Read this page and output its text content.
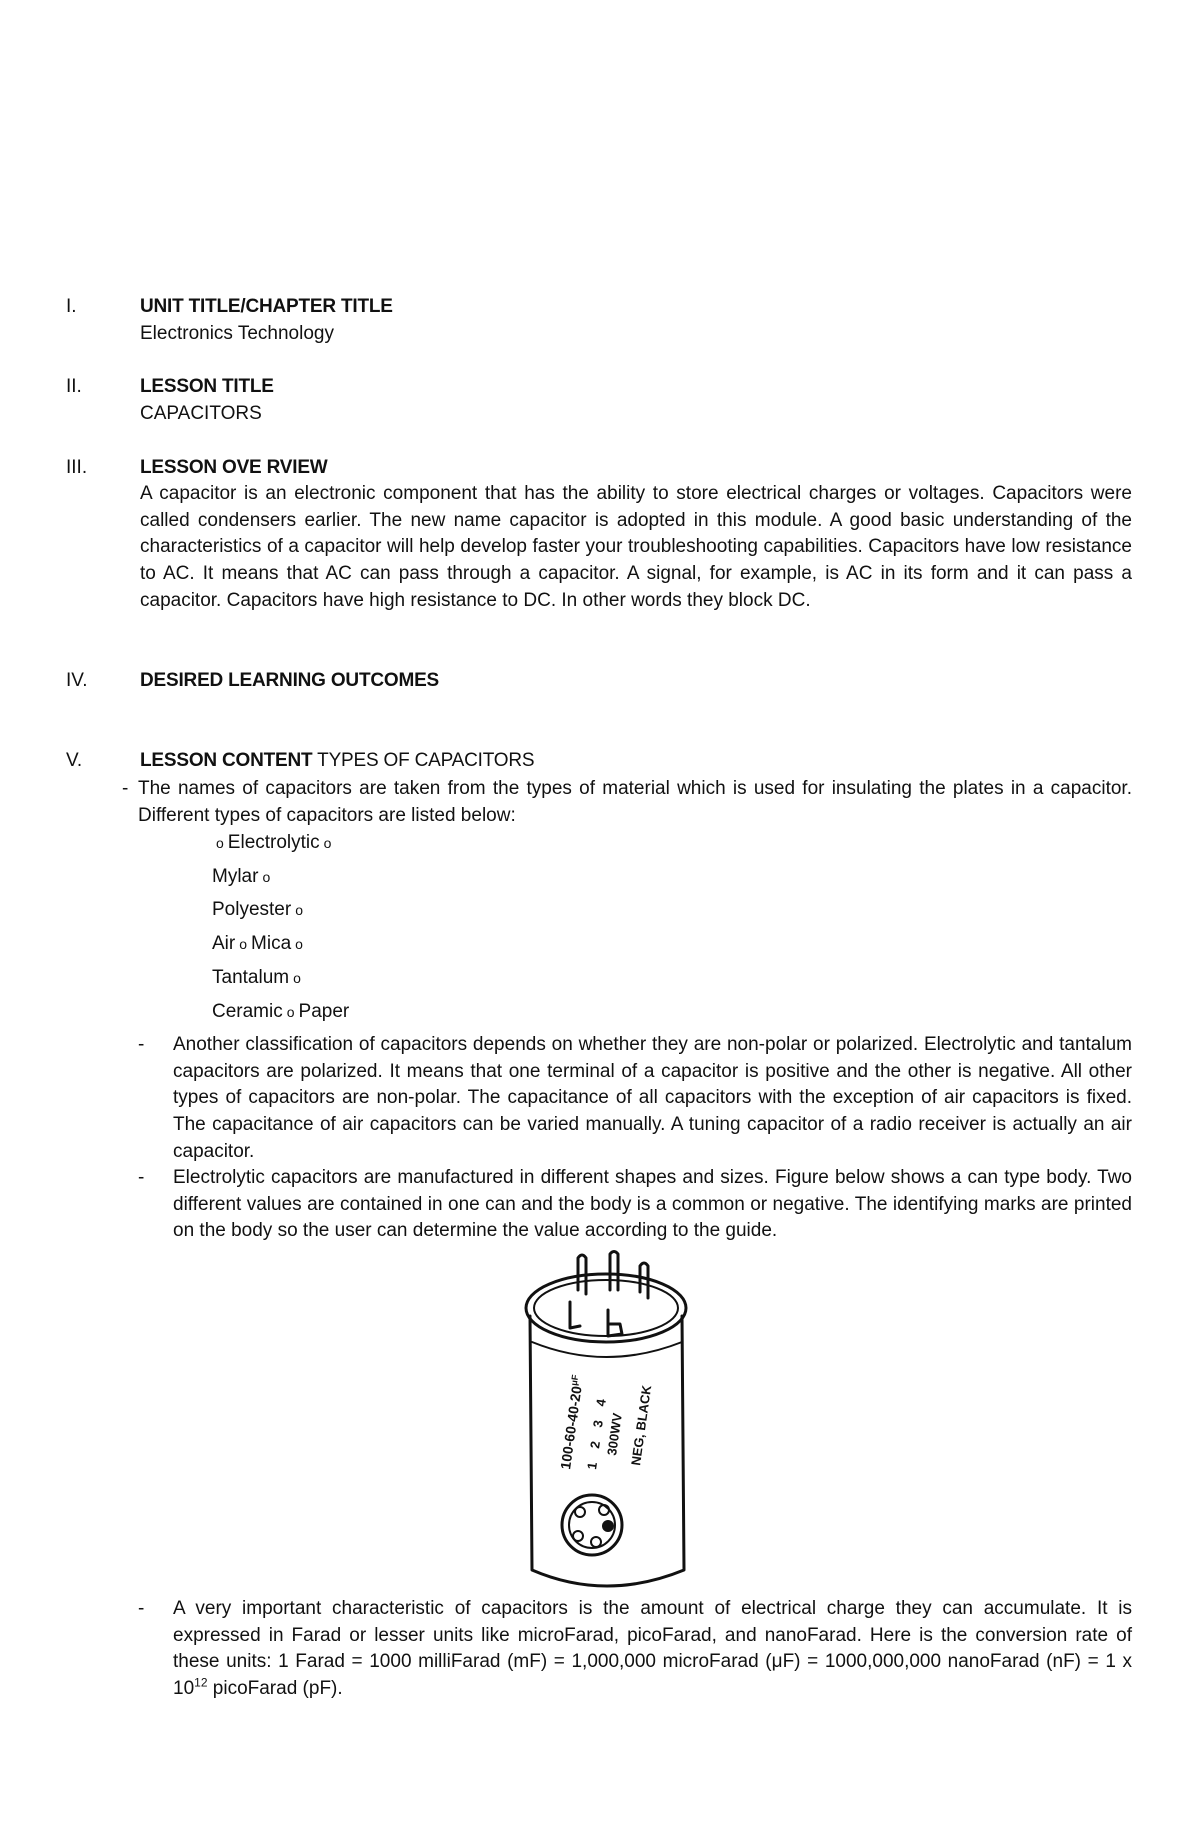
I.	UNIT TITLE/CHAPTER TITLE
Electronics Technology
II.	LESSON TITLE
CAPACITORS
III.	LESSON OVE RVIEW
A capacitor is an electronic component that has the ability to store electrical charges or voltages. Capacitors were called condensers earlier. The new name capacitor is adopted in this module. A good basic understanding of the characteristics of a capacitor will help develop faster your troubleshooting capabilities. Capacitors have low resistance to AC. It means that AC can pass through a capacitor. A signal, for example, is AC in its form and it can pass a capacitor. Capacitors have high resistance to DC. In other words they block DC.
IV.	DESIRED LEARNING OUTCOMES
V.	LESSON CONTENT TYPES OF CAPACITORS
- The names of capacitors are taken from the types of material which is used for insulating the plates in a capacitor. Different types of capacitors are listed below:
o Electrolytic o
Mylar o
Polyester o
Air o Mica o
Tantalum o
Ceramic o Paper
- Another classification of capacitors depends on whether they are non-polar or polarized. Electrolytic and tantalum capacitors are polarized. It means that one terminal of a capacitor is positive and the other is negative. All other types of capacitors are non-polar. The capacitance of all capacitors with the exception of air capacitors is fixed. The capacitance of air capacitors can be varied manually. A tuning capacitor of a radio receiver is actually an air capacitor.
- Electrolytic capacitors are manufactured in different shapes and sizes. Figure below shows a can type body. Two different values are contained in one can and the body is a common or negative. The identifying marks are printed on the body so the user can determine the value according to the guide.
$100-60-40-20^{\mu F}$
1234
300WV NEG, BLACK
- A very important characteristic of capacitors is the amount of electrical charge they can accumulate. It is expressed in Farad or lesser units like microFarad, picoFarad, and nanoFarad. Here is the conversion rate of these units: 1 Farad = 1000 milliFarad (mF) = 1,000,000 microFarad (μF) = 1000,000,000 nanoFarad (nF) = 1 x $10^{12}$ picoFarad (pF).
